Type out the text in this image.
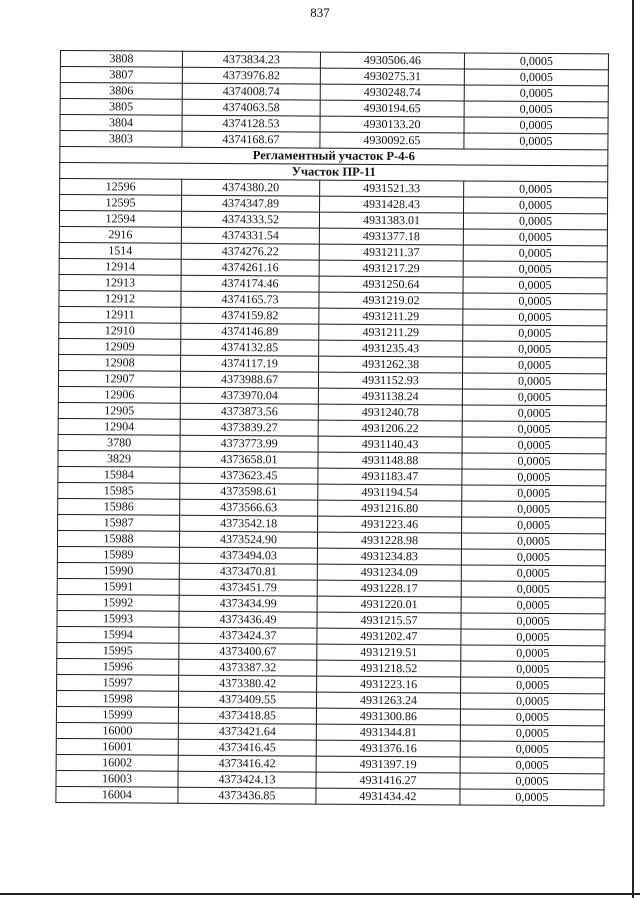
837
3808	4373834.23	4930506.46	0,0005
3807	4373976.82	4930275.31	0,0005
3806	4374008.74	4930248.74	0,0005
3805	4374063.58	4930194.65	0,0005
3804	4374128.53	4930133.20	0,0005
3803	4374168.67	4930092.65	0,0005
Регламентный участок Р-4-6			
Участок ПР-11			
12596	4374380.20	4931521.33	0,0005
12595	4374347.89	4931428.43	0,0005
12594	4374333.52	4931383.01	0,0005
2916	4374331.54	4931377.18	0,0005
1514	4374276.22	4931211.37	0,0005
12914	4374261.16	4931217.29	0,0005
12913	4374174.46	4931250.64	0,0005
12912	4374165.73	4931219.02	0,0005
12911	4374159.82	4931211.29	0,0005
12910	4374146.89	4931211.29	0,0005
12909	4374132.85	4931235.43	0,0005
12908	4374117.19	4931262.38	0,0005
12907	4373988.67	4931152.93	0,0005
12906	4373970.04	4931138.24	0,0005
12905	4373873.56	4931240.78	0,0005
12904	4373839.27	4931206.22	0,0005
3780	4373773.99	4931140.43	0,0005
3829	4373658.01	4931148.88	0,0005
15984	4373623.45	4931183.47	0,0005
15985	4373598.61	4931194.54	0,0005
15986	4373566.63	4931216.80	0,0005
15987	4373542.18	4931223.46	0,0005
15988	4373524.90	4931228.98	0,0005
15989	4373494.03	4931234.83	0,0005
15990	4373470.81	4931234.09	0,0005
15991	4373451.79	4931228.17	0,0005
15992	4373434.99	4931220.01	0,0005
15993	4373436.49	4931215.57	0,0005
15994	4373424.37	4931202.47	0,0005
15995	4373400.67	4931219.51	0,0005
15996	4373387.32	4931218.52	0,0005
15997	4373380.42	4931223.16	0,0005
15998	4373409.55	4931263.24	0,0005
15999	4373418.85	4931300.86	0,0005
16000	4373421.64	4931344.81	0,0005
16001	4373416.45	4931376.16	0,0005
16002	4373416.42	4931397.19	0,0005
16003	4373424.13	4931416.27	0,0005
16004	4373436.85	4931434.42	0,0005
